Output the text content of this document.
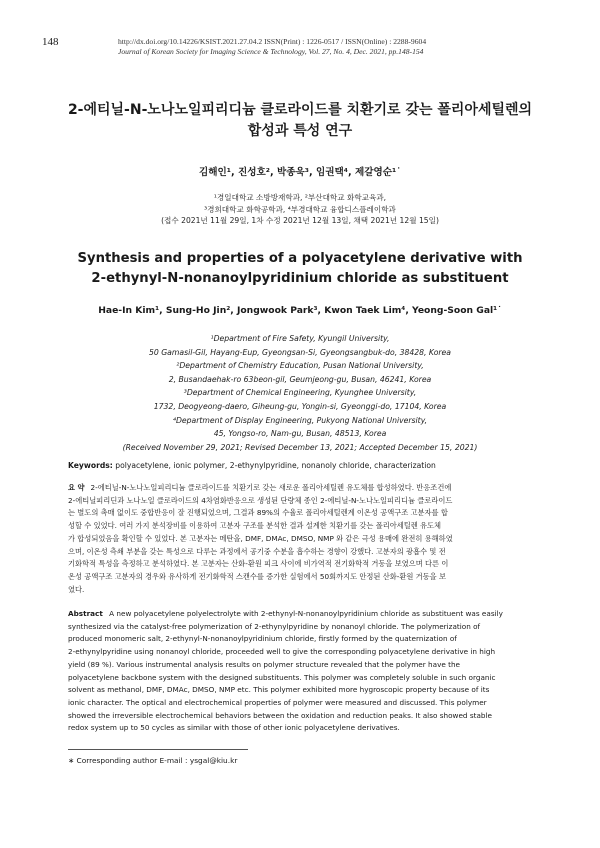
148	http://dx.doi.org/10.14226/KSIST.2021.27.04.2 ISSN(Print) : 1226-0517 / ISSN(Online) : 2288-9604
Journal of Korean Society for Imaging Science & Technology, Vol. 27, No. 4, Dec. 2021, pp.148-154
2-에티닐-N-노나노일피리디늄 클로라이드를 치환기로 갖는 폴리아세틸렌의
합성과 특성 연구
김해인¹, 진성호², 박종욱³, 임권택⁴, 제갈영순¹˙
¹경일대학교 소방방재학과, ²부산대학교 화학교육과,
³경희대학교 화학공학과, ⁴부경대학교 융합디스플레이학과
(접수 2021년 11월 29일, 1차 수정 2021년 12월 13일, 채택 2021년 12월 15일)
Synthesis and properties of a polyacetylene derivative with
2-ethynyl-N-nonanoylpyridinium chloride as substituent
Hae-In Kim¹, Sung-Ho Jin², Jongwook Park³, Kwon Taek Lim⁴, Yeong-Soon Gal¹˙
¹Department of Fire Safety, Kyungil University,
50 Gamasil-Gil, Hayang-Eup, Gyeongsan-Si, Gyeongsangbuk-do, 38428, Korea
²Department of Chemistry Education, Pusan National University,
2, Busandaehak-ro 63beon-gil, Geumjeong-gu, Busan, 46241, Korea
³Department of Chemical Engineering, Kyunghee University,
1732, Deogyeong-daero, Giheung-gu, Yongin-si, Gyeonggi-do, 17104, Korea
⁴Department of Display Engineering, Pukyong National University,
45, Yongso-ro, Nam-gu, Busan, 48513, Korea
(Received November 29, 2021; Revised December 13, 2021; Accepted December 15, 2021)
Keywords: polyacetylene, ionic polymer, 2-ethynylpyridine, nonanoly chloride, characterization
요 약 2-에티닐-N-노나노일피리디늄 클로라이드를 치환기로 갖는 새로운 폴리아세틸렌 유도체를 합성하였다. 반응조건에
2-에티닐피리딘과 노나노일 클로라이드의 4차염화반응으로 생성된 단량체 종인 2-에티닐-N-노나노일피리디늄 클로라이드
는 별도의 촉매 없이도 중합반응이 잘 진행되었으며, 그결과 89%의 수율로 폴리아세틸렌계 이온성 공액구조 고분자를 합
성할 수 있었다. 여러 가지 분석장비를 이용하여 고분자 구조를 분석한 결과 설계한 치환기를 갖는 폴리아세틸렌 유도체
가 합성되었음을 확인할 수 있었다. 본 고분자는 메탄올, DMF, DMAc, DMSO, NMP 와 같은 극성 용매에 완전히 용해하였
으며, 이온성 측쇄 부분을 갖는 특성으로 다루는 과정에서 공기중 수분을 흡수하는 경향이 강했다. 고분자의 광흡수 및 전
기화학적 특성을 측정하고 분석하였다. 본 고분자는 산화-환원 피크 사이에 비가역적 전기화학적 거동을 보였으며 다른 이
온성 공액구조 고분자의 경우와 유사하게 전기화학적 스캔수를 증가한 실험에서 50회까지도 안정된 산화-환원 거동을 보
였다.
Abstract A new polyacetylene polyelectrolyte with 2-ethynyl-N-nonanoylpyridinium chloride as substituent was easily
synthesized via the catalyst-free polymerization of 2-ethynylpyridine by nonanoyl chloride. The polymerization of
produced monomeric salt, 2-ethynyl-N-nonanoylpyridinium chloride, firstly formed by the quaternization of
2-ethynylpyridine using nonanoyl chloride, proceeded well to give the corresponding polyacetylene derivative in high
yield (89 %). Various instrumental analysis results on polymer structure revealed that the polymer have the
polyacetylene backbone system with the designed substituents. This polymer was completely soluble in such organic
solvent as methanol, DMF, DMAc, DMSO, NMP etc. This polymer exhibited more hygroscopic property because of its
ionic character. The optical and electrochemical properties of polymer were measured and discussed. This polymer
showed the irreversible electrochemical behaviors between the oxidation and reduction peaks. It also showed stable
redox system up to 50 cycles as similar with those of other ionic polyacetylene derivatives.
∗ Corresponding author E-mail : ysgal@kiu.kr
